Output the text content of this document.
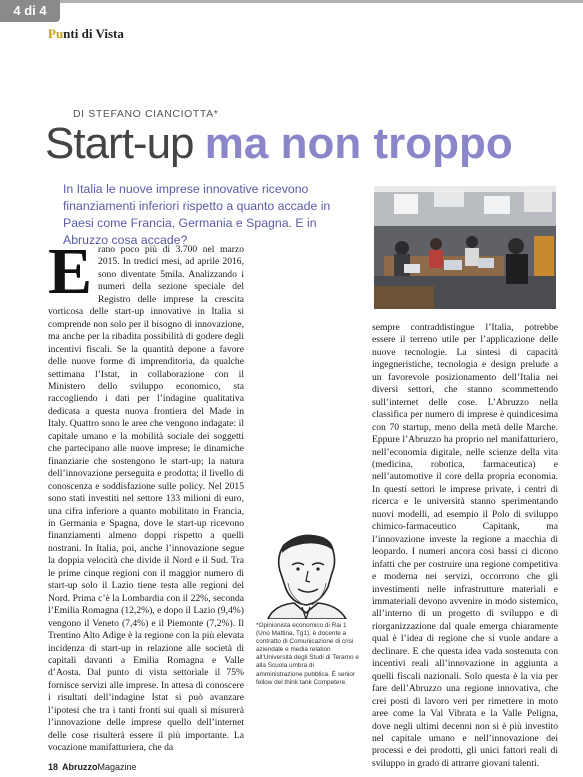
4 di 4
Punti di Vista
DI STEFANO CIANCIOTTA*
Start-up ma non troppo
In Italia le nuove imprese innovative ricevono finanziamenti inferiori rispetto a quanto accade in Paesi come Francia, Germania e Spagna. E in Abruzzo cosa accade?
E rano poco più di 3.700 nel marzo 2015. In tredici mesi, ad aprile 2016, sono diventate 5mila. Analizzando i numeri della sezione speciale del Registro delle imprese la crescita vorticosa delle start-up innovative in Italia si comprende non solo per il bisogno di innovazione, ma anche per la ribadita possibilità di godere degli incentivi fiscali. Se la quantità depone a favore delle nuove forme di imprenditoria, da qualche settimana l’Istat, in collaborazione con il Ministero dello sviluppo economico, sta raccogliendo i dati per l’indagine qualitativa dedicata a questa nuova frontiera del Made in Italy. Quattro sono le aree che vengono indagate: il capitale umano e la mobilità sociale dei soggetti che partecipano alle nuove imprese; le dinamiche finanziarie che sostengono le start-up; la natura dell’innovazione perseguita e prodotta; il livello di conoscenza e soddisfazione sulle policy. Nel 2015 sono stati investiti nel settore 133 milioni di euro, una cifra inferiore a quanto mobilitato in Francia, in Germania e Spagna, dove le start-up ricevono finanziamenti almeno doppi rispetto a quelli nostrani. In Italia, poi, anche l’innovazione segue la doppia velocità che divide il Nord e il Sud. Tra le prime cinque regioni con il maggior numero di start-up solo il Lazio tiene testa alle regioni del Nord. Prima c’è la Lombardia con il 22%, seconda l’Emilia Romagna (12,2%), e dopo il Lazio (9,4%) vengono il Veneto (7,4%) e il Piemonte (7,2%). Il Trentino Alto Adige è la regione con la più elevata incidenza di start-up in relazione alle società di capitali davanti a Emilia Romagna e Valle d’Aosta. Dal punto di vista settoriale il 75% fornisce servizi alle imprese. In attesa di conoscere i risultati dell’indagine Istat si può avanzare l’ipotesi che tra i tanti fronti sui quali si misurerà l’innovazione delle imprese quello dell’internet delle cose risulterà essere il più importante. La vocazione manifatturiera, che da

*Opinionista economico di Rai 1 (Uno Mattina, Tg1), è docente a contratto di Comunicazione di crisi aziendale e media relation all’Università degli Studi di Teramo e alla Scuola umbra di amministrazione pubblica. È senior fellow del think tank Competere.

sempre contraddistingue l’Italia, potrebbe essere il terreno utile per l’applicazione delle nuove tecnologie. La sintesi di capacità ingegneristiche, tecnologia e design prelude a un favorevole posizionamento dell’Italia nei diversi settori, che stanno scommettendo sull’internet delle cose. L’Abruzzo nella classifica per numero di imprese è quindicesima con 70 startup, meno della metà delle Marche. Eppure l’Abruzzo ha proprio nel manifatturiero, nell’economia digitale, nelle scienze della vita (medicina, robotica, farmaceutica) e nell’automotive il core della propria economia. In questi settori le imprese private, i centri di ricerca e le università stanno sperimentando nuovi modelli, ad esempio il Polo di sviluppo chimico-farmaceutico Capitank, ma l’innovazione investe la regione a macchia di leopardo. I numeri ancora così bassi ci dicono infatti che per costruire una regione competitiva e moderna nei servizi, occorrono che gli investimenti nelle infrastrutture materiali e immateriali devono avvenire in modo sistemico, all’interno di un progetto di sviluppo e di riorganizzazione dal quale emerga chiaramente qual è l’idea di regione che si vuole andare a declinare. E che questa idea vada sostenuta con incentivi reali all’innovazione in aggiunta a quelli fiscali nazionali. Solo questa è la via per fare dell’Abruzzo una regione innovativa, che crei posti di lavoro veri per rimettere in moto aree come la Val Vibrata e la Valle Peligna, dove negli ultimi decenni non si è più investito nel capitale umano e nell’innovazione dei processi e dei prodotti, gli unici fattori reali di sviluppo in grado di attrarre giovani talenti.

18 AbruzzoMagazine
